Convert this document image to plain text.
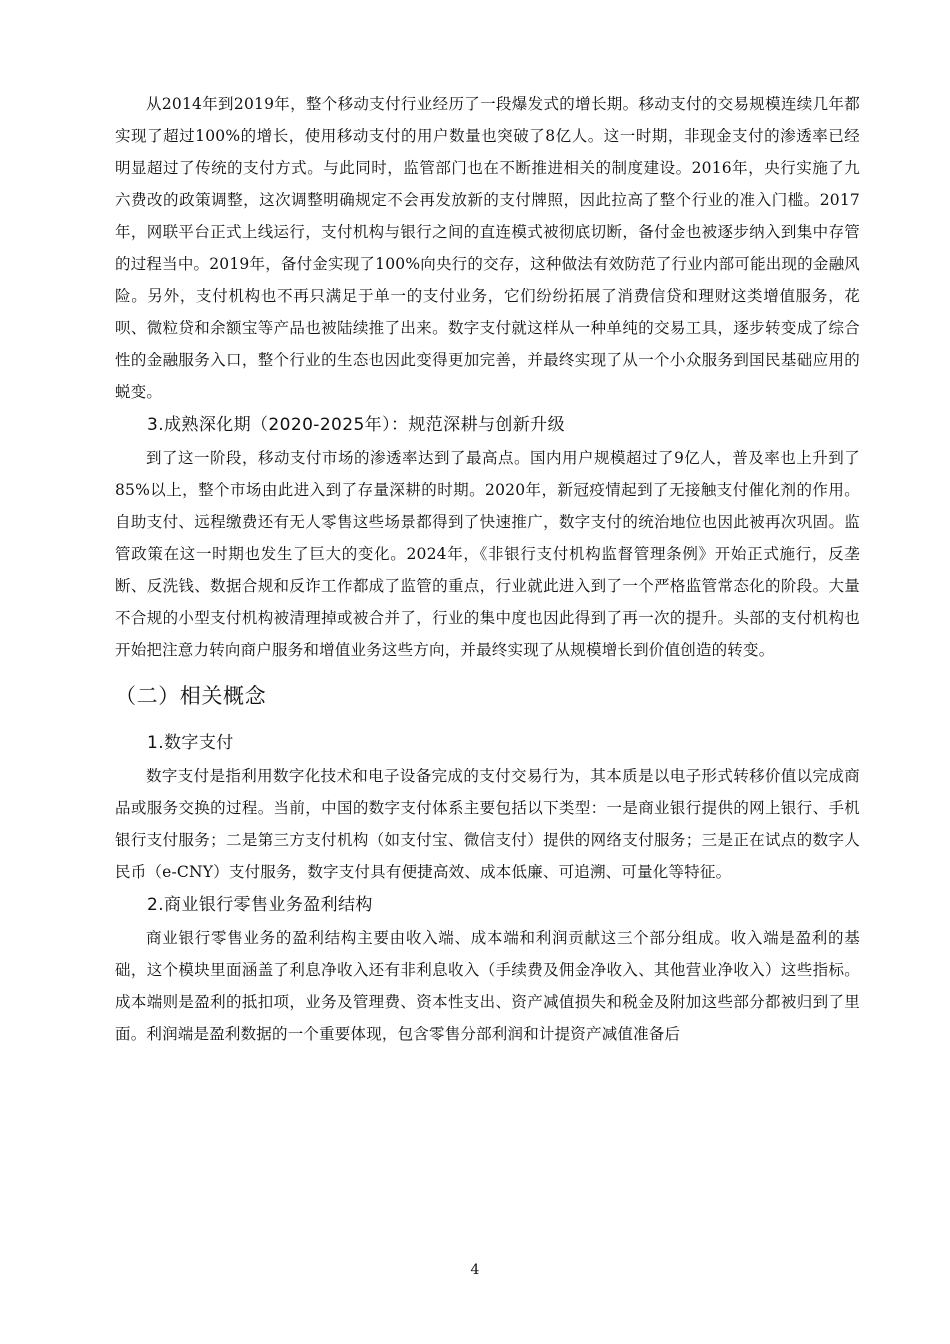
从2014年到2019年，整个移动支付行业经历了一段爆发式的增长期。移动支付的交易规模连续几年都实现了超过100%的增长，使用移动支付的用户数量也突破了8亿人。这一时期，非现金支付的渗透率已经明显超过了传统的支付方式。与此同时，监管部门也在不断推进相关的制度建设。2016年，央行实施了九六费改的政策调整，这次调整明确规定不会再发放新的支付牌照，因此拉高了整个行业的准入门槛。2017年，网联平台正式上线运行，支付机构与银行之间的直连模式被彻底切断，备付金也被逐步纳入到集中存管的过程当中。2019年，备付金实现了100%向央行的交存，这种做法有效防范了行业内部可能出现的金融风险。另外，支付机构也不再只满足于单一的支付业务，它们纷纷拓展了消费信贷和理财这类增值服务，花呗、微粒贷和余额宝等产品也被陆续推了出来。数字支付就这样从一种单纯的交易工具，逐步转变成了综合性的金融服务入口，整个行业的生态也因此变得更加完善，并最终实现了从一个小众服务到国民基础应用的蜕变。

3.成熟深化期（2020-2025年）：规范深耕与创新升级

到了这一阶段，移动支付市场的渗透率达到了最高点。国内用户规模超过了9亿人，普及率也上升到了85%以上，整个市场由此进入到了存量深耕的时期。2020年，新冠疫情起到了无接触支付催化剂的作用。自助支付、远程缴费还有无人零售这些场景都得到了快速推广，数字支付的统治地位也因此被再次巩固。监管政策在这一时期也发生了巨大的变化。2024年，《非银行支付机构监督管理条例》开始正式施行，反垄断、反洗钱、数据合规和反诈工作都成了监管的重点，行业就此进入到了一个严格监管常态化的阶段。大量不合规的小型支付机构被清理掉或被合并了，行业的集中度也因此得到了再一次的提升。头部的支付机构也开始把注意力转向商户服务和增值业务这些方向，并最终实现了从规模增长到价值创造的转变。

（二）相关概念
1.数字支付

数字支付是指利用数字化技术和电子设备完成的支付交易行为，其本质是以电子形式转移价值以完成商品或服务交换的过程。当前，中国的数字支付体系主要包括以下类型：一是商业银行提供的网上银行、手机银行支付服务；二是第三方支付机构（如支付宝、微信支付）提供的网络支付服务；三是正在试点的数字人民币（e-CNY）支付服务，数字支付具有便捷高效、成本低廉、可追溯、可量化等特征。

2.商业银行零售业务盈利结构

商业银行零售业务的盈利结构主要由收入端、成本端和利润贡献这三个部分组成。收入端是盈利的基础，这个模块里面涵盖了利息净收入还有非利息收入（手续费及佣金净收入、其他营业净收入）这些指标。成本端则是盈利的抵扣项，业务及管理费、资本性支出、资产减值损失和税金及附加这些部分都被归到了里面。利润端是盈利数据的一个重要体现，包含零售分部利润和计提资产减值准备后

4
